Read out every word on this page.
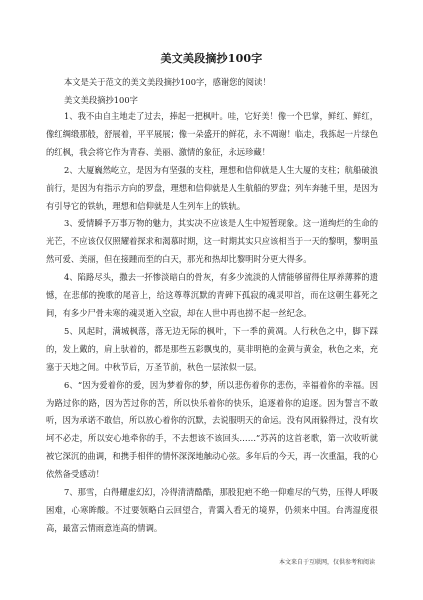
美文美段摘抄100字
本文是关于范文的美文美段摘抄100字，感谢您的阅读！
美文美段摘抄100字

1、我不由自主地走了过去，捧起一把枫叶。哇，它好美！像一个巴掌，鲜红、鲜红，像红绸缎那般，舒展着，平平展展；像一朵盛开的鲜花，永不凋谢！临走，我拣起一片绿色的红枫，我会将它作为青春、美丽、激情的象征，永远珍藏！

2、大厦巍然屹立，是因为有坚强的支柱，理想和信仰就是人生大厦的支柱；航船破浪前行，是因为有指示方向的罗盘，理想和信仰就是人生航船的罗盘；列车奔驰千里，是因为有引导它的铁轨，理想和信仰就是人生列车上的铁轨。

3、爱情瞬予万事万物的魅力，其实决不应该是人生中短暂现象。这一道绚烂的生命的光芒，不应该仅仅照耀着探求和渴慕时期，这一时期其实只应该相当于一天的黎明，黎明虽然可爱、美丽，但在接踵而至的白天，那光和热却比黎明时分更大得多。

4、陷路尽头，撒去一抔惨淡暗白的骨灰，有多少流淡的人情能够留得住厚养薄葬的遗憾，在悲郁的挽歌的尾音上，给这尊尊沉默的青碑下孤寂的魂灵叩首，而在这朝生暮死之间，有多少尸骨未寒的魂灵逝入空寂，却在人世中再也捞不起一丝纪念。

5、风起时，满城枫落，落无边无际的枫叶，下一季的黄凋。人行秋色之中，脚下踩的，发上戴的，肩上驮着的，都是那些五彩飘曳的，莫非明艳的金黄与黄金，秋色之来，充塞于天地之间。中秋节后，万圣节前，秋色一层浓似一层。

6、“因为爱着你的爱，因为梦着你的梦，所以悲伤着你的悲伤，幸福着你的幸福。因为路过你的路，因为苦过你的苦，所以快乐着你的快乐，追逐着你的追逐。因为誓言不敢听，因为承诺不敢信，所以放心着你的沉默，去说服明天的命运。没有风雨躲得过，没有坎坷不必走，所以安心地牵你的手，不去想该不该回头……”苏芮的这首老歌，第一次收听就被它深沉的曲调，和携手相伴的情怀深深地触动心弦。多年后的今天，再一次重温，我的心依然备受感动！

7、那雪，白得耀虚幻幻，冷得清清酷酷，那股犯疤不绝一仰难尽的气势，压得人呼吸困难，心寒眸酸。不过要领略白云回望合，青霭入看无的境界，仍须来中国。台湾湿度很高，最富云情雨意连高的情调。

本文来自于互联网，仅供参考和阅读
